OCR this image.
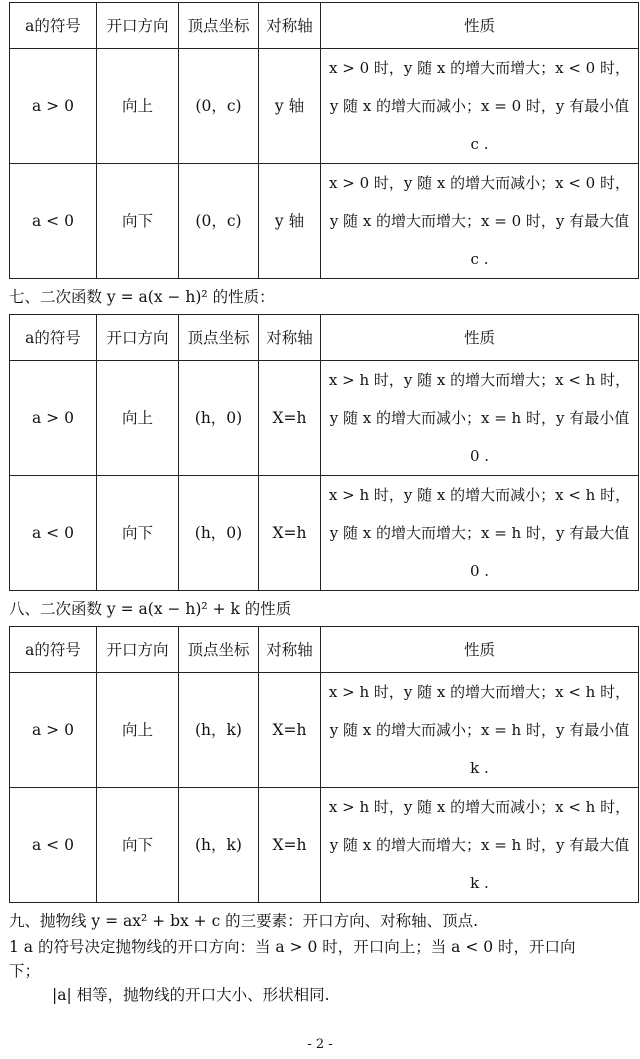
a的符号	开口方向	顶点坐标	对称轴	性质
a > 0	向上	(0，c)	y 轴	x > 0 时，y 随 x 的增大而增大；x < 0 时，y 随 x 的增大而减小；x = 0 时，y 有最小值 c .
a < 0	向下	(0，c)	y 轴	x > 0 时，y 随 x 的增大而减小；x < 0 时，y 随 x 的增大而增大；x = 0 时，y 有最大值 c .
七、二次函数 y = a(x − h)² 的性质：
a的符号	开口方向	顶点坐标	对称轴	性质
a > 0	向上	(h，0)	X=h	x > h 时，y 随 x 的增大而增大；x < h 时，y 随 x 的增大而减小；x = h 时，y 有最小值 0 .
a < 0	向下	(h，0)	X=h	x > h 时，y 随 x 的增大而减小；x < h 时，y 随 x 的增大而增大；x = h 时，y 有最大值 0 .
八、二次函数 y = a(x − h)² + k 的性质
a的符号	开口方向	顶点坐标	对称轴	性质
a > 0	向上	(h，k)	X=h	x > h 时，y 随 x 的增大而增大；x < h 时，y 随 x 的增大而减小；x = h 时，y 有最小值 k .
a < 0	向下	(h，k)	X=h	x > h 时，y 随 x 的增大而减小；x < h 时，y 随 x 的增大而增大；x = h 时，y 有最大值 k .
九、抛物线 y = ax² + bx + c 的三要素：开口方向、对称轴、顶点.
1 a 的符号决定抛物线的开口方向：当 a > 0 时，开口向上；当 a < 0 时，开口向
下；
|a| 相等，抛物线的开口大小、形状相同.
- 2 -
